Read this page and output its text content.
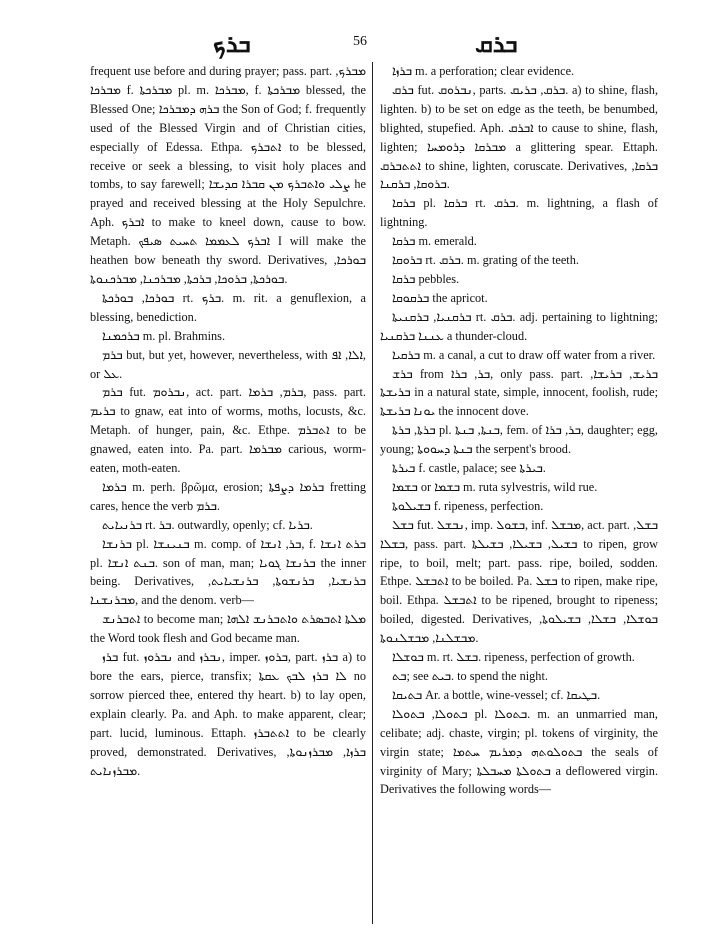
ܒܪܟ	56	ܒܪܩ

frequent use before and during prayer; pass. part. ܡܒܪܟ, ܡܒܪܟܐ f. ܡܒܪܟܬܐ pl. m. ܡܒܪܟܐ, f. ܡܒܪܟܬܐ blessed, the Blessed One; ܒܪܗ ܕܡܒܪܟܐ the Son of God; f. frequently used of the Blessed Virgin and of Christian cities, especially of Edessa. Ethpa. ܐܬܒܪܟ to be blessed, receive or seek a blessing, to visit holy places and tombs, to say farewell; ܨܠܝ ܘܐܬܒܪܟ ܡܢ ܩܒܪܐ ܩܕܝܫܐ he prayed and received blessing at the Holy Sepulchre. Aph. ܐܒܪܟ to make to kneel down, cause to bow. Metaph. ܐܒܪܟ ܠܥܡܡܐ ܬܚܝܬ ܣܝܦܟ I will make the heathen bow beneath thy sword. Derivatives, ܒܘܪܟܐ, ܒܘܪܟܬܐ, ܒܪܘܟܐ, ܒܪܟܬܐ, ܡܒܪܟܢܐ, ܡܒܪܟܢܘܬܐ.

ܒܘܪܟܐ, ܒܘܪܟܬܐ rt. ܒܪܟ. m. rit. a genuflexion, a blessing, benediction.

ܒܪܟܡܢܐ m. pl. Brahmins.

ܒܪܡ but, but yet, however, nevertheless, with ܐܠܐ, ܐܦ, or ܥܠ.

ܒܪܡ fut. ܢܒܪܘܡ, act. part. ܒܪܡ, ܒܪܡܐ, pass. part. ܒܪܝܡ to gnaw, eat into of worms, moths, locusts, &c. Metaph. of hunger, pain, &c. Ethpe. ܐܬܒܪܡ to be gnawed, eaten into. Pa. part. ܡܒܪܡܐ carious, worm-eaten, moth-eaten.

ܒܪܡܐ m. perh. βρῶμα, erosion; ܒܪܡܐ ܕܨܦܬܐ fretting cares, hence the verb ܒܪܡ.

ܒܪܢܝܐܝܬ rt. ܒܪ. outwardly, openly; cf. ܒܪܝܐ.

ܒܪܢܫܐ pl. ܒܢܝܢܫܐ m. comp. of ܒܪ, ܐܢܫܐ, f. ܒܪܬ ܐܢܫܐ pl. ܒܢܬ ܐܢܫܐ. son of man, man; ܒܪܢܫܐ ܓܘܝܐ the inner being. Derivatives, ܒܪܢܫܝܐ, ܒܪܢܫܘܬܐ, ܒܪܢܫܝܐܝܬ, ܡܒܪܢܫܢܐ, and the denom. verb—

ܐܬܒܪܢܫ to become man; ܡܠܬܐ ܐܬܒܣܪܬ ܘܐܬܒܪܢܫ ܐܠܗܐ the Word took flesh and God became man.

ܒܪܙ fut. ܢܒܪܘܙ and ܢܒܪܙ, imper. ܒܪܘܙ, part. ܒܪܙ a) to bore the ears, pierce, transfix; ܠܐ ܒܪܙ ܠܒܟ ܥܩܬܐ no sorrow pierced thee, entered thy heart. b) to lay open, explain clearly. Pa. and Aph. to make apparent, clear; part. lucid, luminous. Ettaph. ܐܬܬܒܪܙ to be clearly proved, demonstrated. Derivatives, ܒܪܙܐ, ܡܒܪܙܢܘܬܐ, ܡܒܪܙܢܐܝܬ.

ܒܪܙܐ m. a perforation; clear evidence.

ܒܪܩ fut. ܢܒܪܘܩ, parts. ܒܪܩ, ܒܪܝܩ. a) to shine, flash, lighten. b) to be set on edge as the teeth, be benumbed, blighted, stupefied. Aph. ܐܒܪܩ to cause to shine, flash, lighten; ܡܒܪܩܐ ܕܪܘܡܚܐ a glittering spear. Ettaph. ܐܬܬܒܪܩ to shine, lighten, coruscate. Derivatives, ܒܪܩܐ, ܒܪܘܩܐ, ܒܪܩܢܐ.

ܒܪܩܐ pl. ܒܪܩܐ rt. ܒܪܩ. m. lightning, a flash of lightning.

ܒܪܩܐ m. emerald.

ܒܪܘܩܐ rt. ܒܪܩ. m. grating of the teeth.

ܒܪܩܐ pebbles.

ܒܪܩܘܩܐ the apricot.

ܒܪܩܢܝܐ, ܒܪܩܢܝܬܐ rt. ܒܪܩ. adj. pertaining to lightning; ܥܢܢܐ ܒܪܩܢܝܐ a thunder-cloud.

ܒܪܩܝܐ m. a canal, a cut to draw off water from a river.

ܒܪܫ from ܒܪ, ܒܪܐ, only pass. part. ܒܪܝܫ, ܒܪܝܫܐ, ܒܪܝܫܬܐ in a natural state, simple, innocent, foolish, rude; ܝܘܢܐ ܒܪܝܫܬܐ the innocent dove.

ܒܪܬܐ, ܒܪܬܐ pl. ܒܢܬܐ, ܒܢܬܐ, fem. of ܒܪ, ܒܪܐ, daughter; egg, young; ܒܢܬܐ ܕܚܘܘܬܐ the serpent's brood.

ܒܝܪܬܐ f. castle, palace; see ܒܝܪܬܐ.

ܒܫܡܐ or ܒܫܡܐ m. ruta sylvestris, wild rue.

ܒܫܝܠܘܬܐ f. ripeness, perfection.

ܒܫܠ fut. ܢܒܫܠ, imp. ܒܫܘܠ, inf. ܡܒܫܠ, act. part. ܒܫܠ, ܒܫܠܐ, pass. part. ܒܫܝܠ, ܒܫܝܠܐ, ܒܫܝܠܬܐ to ripen, grow ripe, to boil, melt; part. pass. ripe, boiled, sodden. Ethpe. ܐܬܒܫܠ to be boiled. Pa. ܒܫܠ to ripen, make ripe, boil. Ethpa. ܐܬܒܫܠ to be ripened, brought to ripeness; boiled, digested. Derivatives, ܒܘܫܠܐ, ܒܫܠܐ, ܒܫܝܠܘܬܐ, ܡܒܫܠܢܐ, ܡܒܫܠܢܘܬܐ.

ܒܘܫܠܐ m. rt. ܒܫܠ. ripeness, perfection of growth.

ܒܬ; see ܒܝܬ. to spend the night.

ܒܬܝܩܐ Ar. a bottle, wine-vessel; cf. ܒܛܝܩܐ.

ܒܬܘܠܐ, ܒܬܘܠܐ pl. ܒܬܘܠܐ. m. an unmarried man, celibate; adj. chaste, virgin; pl. tokens of virginity, the virgin state; ܒܬܘܠܘܬܗ ܕܡܪܝܡ ܚܬܡܐ the seals of virginity of Mary; ܒܬܘܠܬܐ ܡܚܒܠܬܐ a deflowered virgin. Derivatives the following words—
